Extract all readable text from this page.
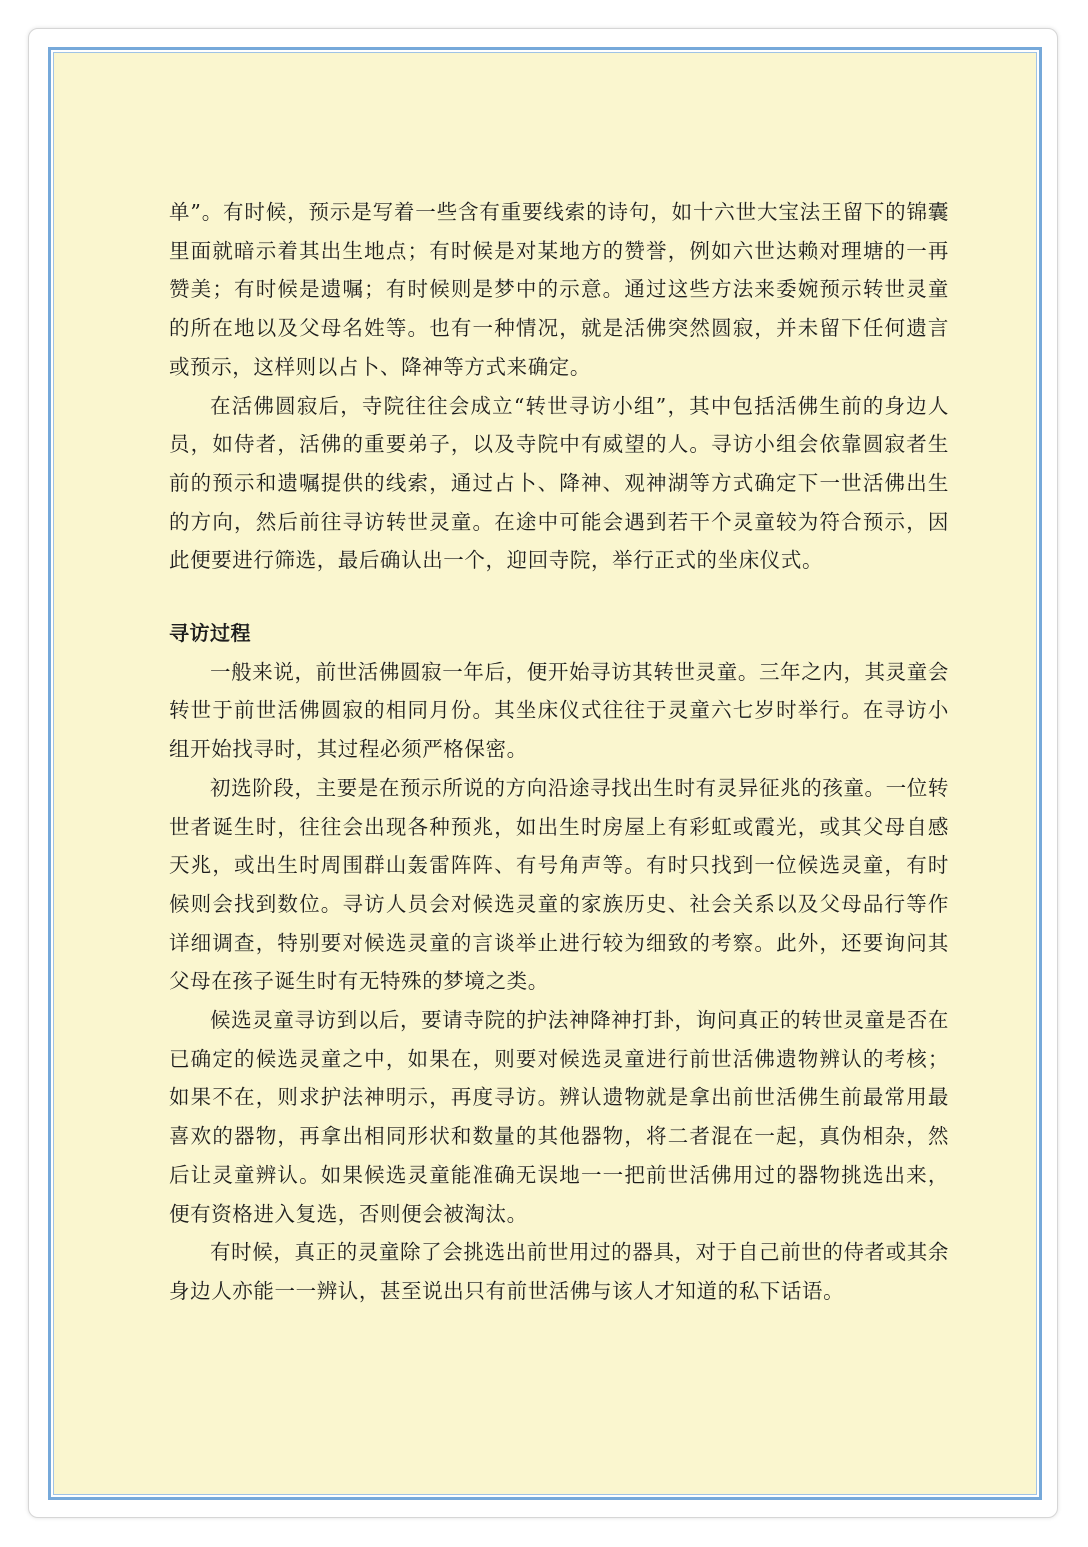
单”。有时候，预示是写着一些含有重要线索的诗句，如十六世大宝法王留下的锦囊里面就暗示着其出生地点；有时候是对某地方的赞誉，例如六世达赖对理塘的一再赞美；有时候是遗嘱；有时候则是梦中的示意。通过这些方法来委婉预示转世灵童的所在地以及父母名姓等。也有一种情况，就是活佛突然圆寂，并未留下任何遗言或预示，这样则以占卜、降神等方式来确定。

在活佛圆寂后，寺院往往会成立“转世寻访小组”，其中包括活佛生前的身边人员，如侍者，活佛的重要弟子，以及寺院中有威望的人。寻访小组会依靠圆寂者生前的预示和遗嘱提供的线索，通过占卜、降神、观神湖等方式确定下一世活佛出生的方向，然后前往寻访转世灵童。在途中可能会遇到若干个灵童较为符合预示，因此便要进行筛选，最后确认出一个，迎回寺院，举行正式的坐床仪式。

寻访过程

一般来说，前世活佛圆寂一年后，便开始寻访其转世灵童。三年之内，其灵童会转世于前世活佛圆寂的相同月份。其坐床仪式往往于灵童六七岁时举行。在寻访小组开始找寻时，其过程必须严格保密。

初选阶段，主要是在预示所说的方向沿途寻找出生时有灵异征兆的孩童。一位转世者诞生时，往往会出现各种预兆，如出生时房屋上有彩虹或霞光，或其父母自感天兆，或出生时周围群山轰雷阵阵、有号角声等。有时只找到一位候选灵童，有时候则会找到数位。寻访人员会对候选灵童的家族历史、社会关系以及父母品行等作详细调查，特别要对候选灵童的言谈举止进行较为细致的考察。此外，还要询问其父母在孩子诞生时有无特殊的梦境之类。

候选灵童寻访到以后，要请寺院的护法神降神打卦，询问真正的转世灵童是否在已确定的候选灵童之中，如果在，则要对候选灵童进行前世活佛遗物辨认的考核；如果不在，则求护法神明示，再度寻访。辨认遗物就是拿出前世活佛生前最常用最喜欢的器物，再拿出相同形状和数量的其他器物，将二者混在一起，真伪相杂，然后让灵童辨认。如果候选灵童能准确无误地一一把前世活佛用过的器物挑选出来，便有资格进入复选，否则便会被淘汰。

有时候，真正的灵童除了会挑选出前世用过的器具，对于自己前世的侍者或其余身边人亦能一一辨认，甚至说出只有前世活佛与该人才知道的私下话语。
